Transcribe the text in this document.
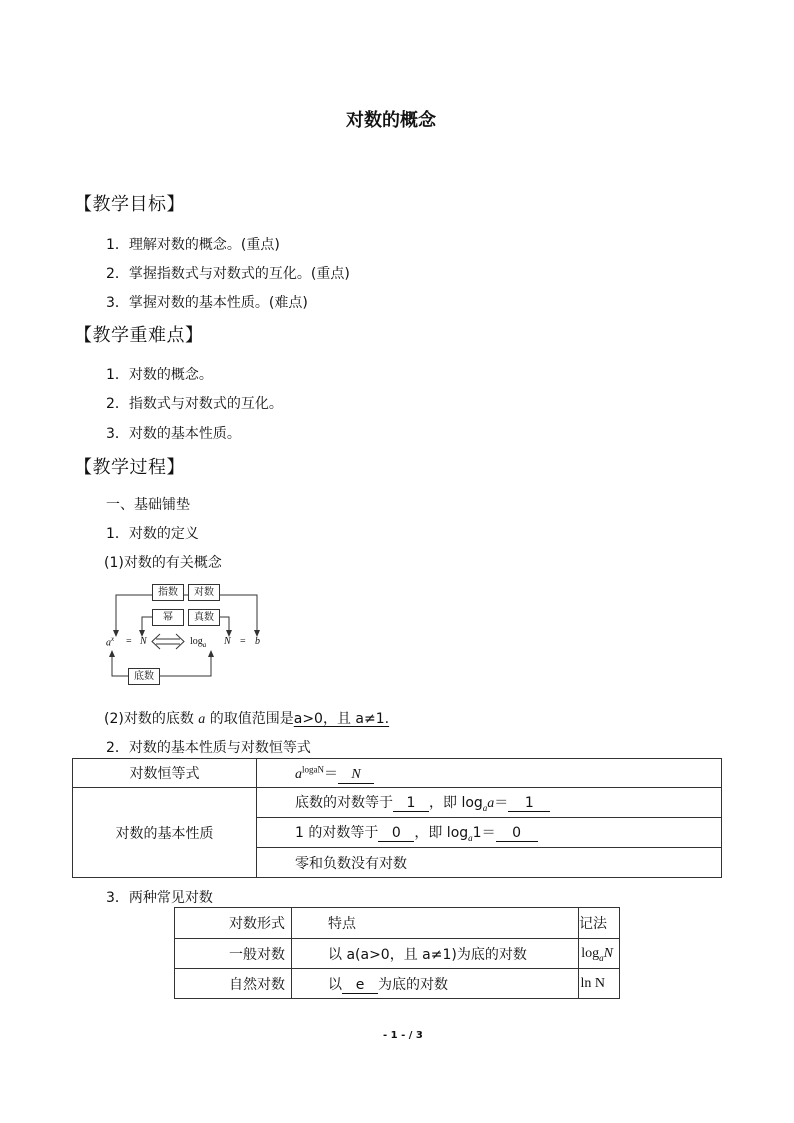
对数的概念
【教学目标】
1．理解对数的概念。(重点)
2．掌握指数式与对数式的互化。(重点)
3．掌握对数的基本性质。(难点)
【教学重难点】
1．对数的概念。
2．指数式与对数式的互化。
3．对数的基本性质。
【教学过程】
一、基础铺垫
1．对数的定义
(1)对数的有关概念
指数	对数
幂	真数
底数
$a^x = N$	$\log_a N = b$
(2)对数的底数 a 的取值范围是a>0，且 a≠1.
2．对数的基本性质与对数恒等式
对数恒等式	$a^{logaN}= N$
对数的基本性质	底数的对数等于 1 ，即 $\log_aa= 1$
	1 的对数等于 0 ，即 $\log_a1= 0$
	零和负数没有对数
3．两种常见对数
对数形式	特点	记法
一般对数	以 a(a>0，且 a≠1)为底的对数	$\log_aN$
自然对数	以 e 为底的对数	ln N
- 1 - / 3
